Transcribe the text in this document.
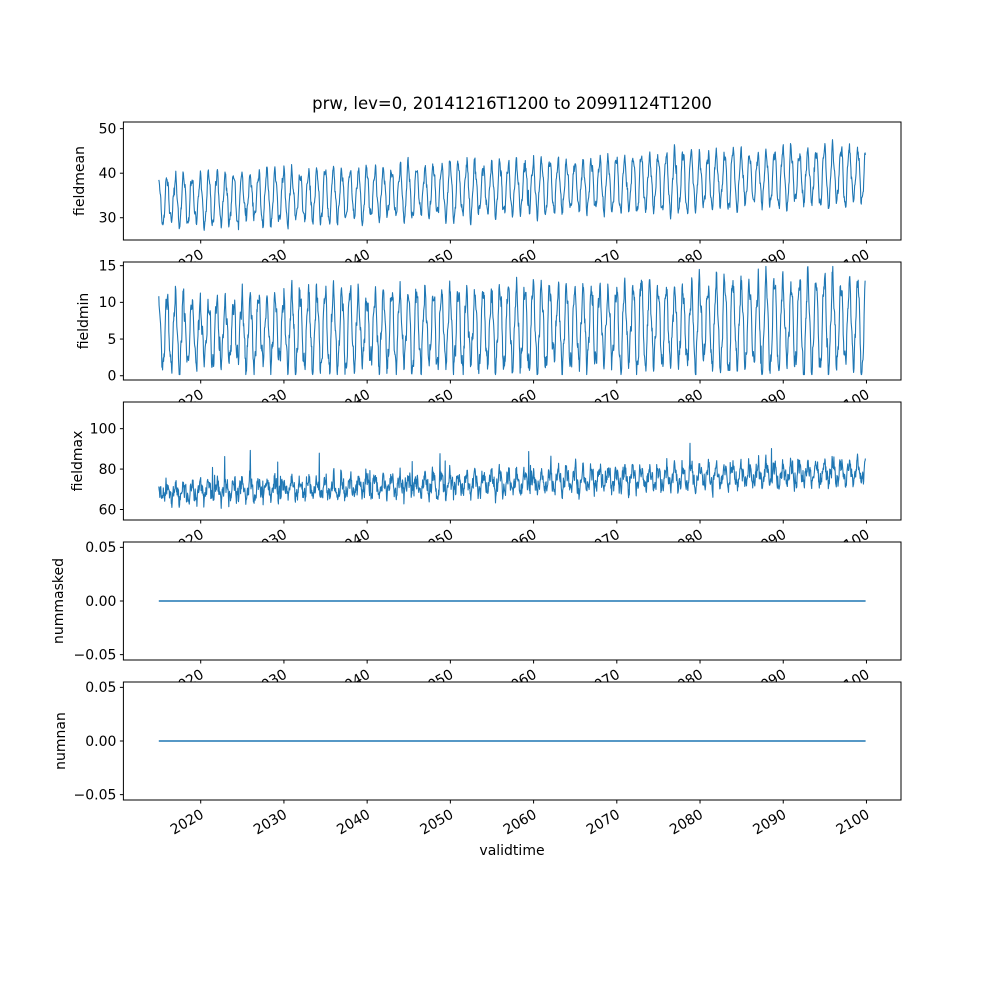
30
40
50
0
5
10
15
60
80
100
−0.05
0.00
0.05
−0.05
0.00
0.05
2020	2030	2040	2050	2060	2070	2080	2090	2100
prw, lev=0, 20141216T1200 to 20991124T1200
fieldmean
fieldmin
fieldmax
nummasked
numnan
validtime
